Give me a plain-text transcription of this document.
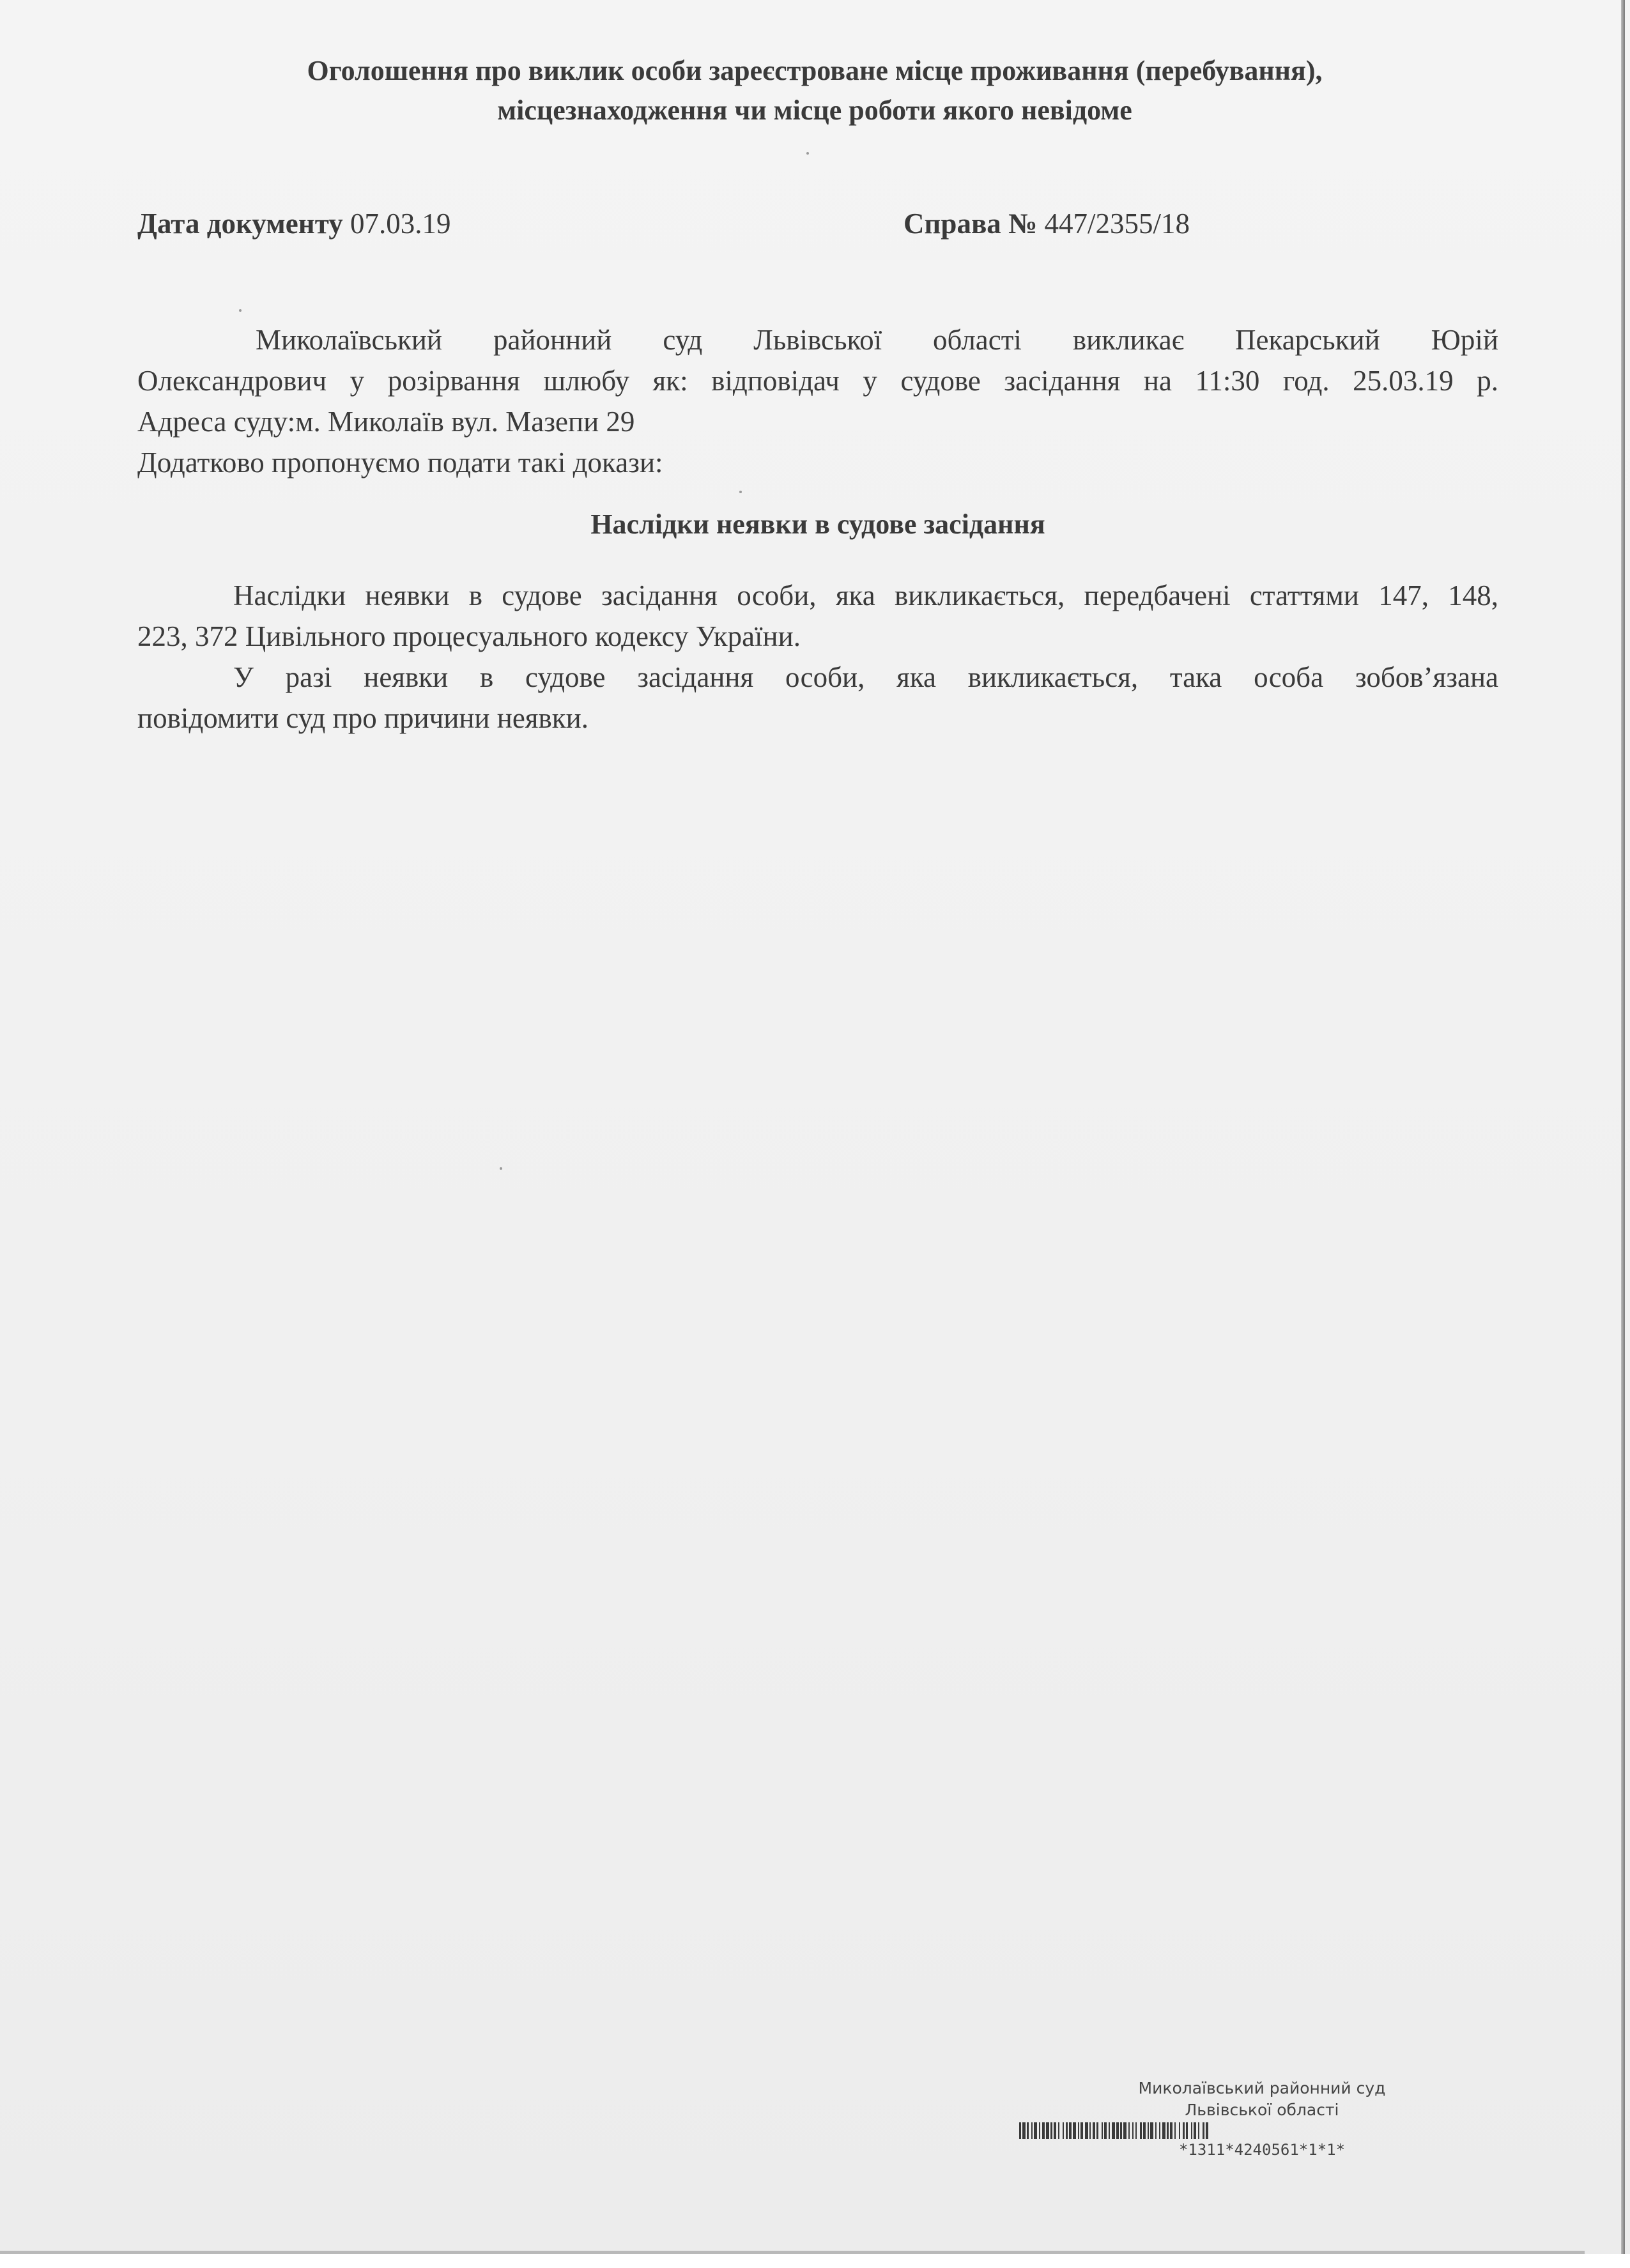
Оголошення про виклик особи зареєстроване місце проживання (перебування),
місцезнаходження чи місце роботи якого невідоме
Дата документу 07.03.19	Справа № 447/2355/18
Миколаївський районний суд Львівської області викликає Пекарський Юрій
Олександрович у розірвання шлюбу як: відповідач у судове засідання на 11:30 год. 25.03.19 р.
Адреса суду:м. Миколаїв вул. Мазепи 29
Додатково пропонуємо подати такі докази:
Наслідки неявки в судове засідання
Наслідки неявки в судове засідання особи, яка викликається, передбачені статтями 147, 148,
223, 372 Цивільного процесуального кодексу України.
У разі неявки в судове засідання особи, яка викликається, така особа зобов’язана
повідомити суд про причини неявки.
Миколаївський районний суд
Львівської області
*1311*4240561*1*1*
